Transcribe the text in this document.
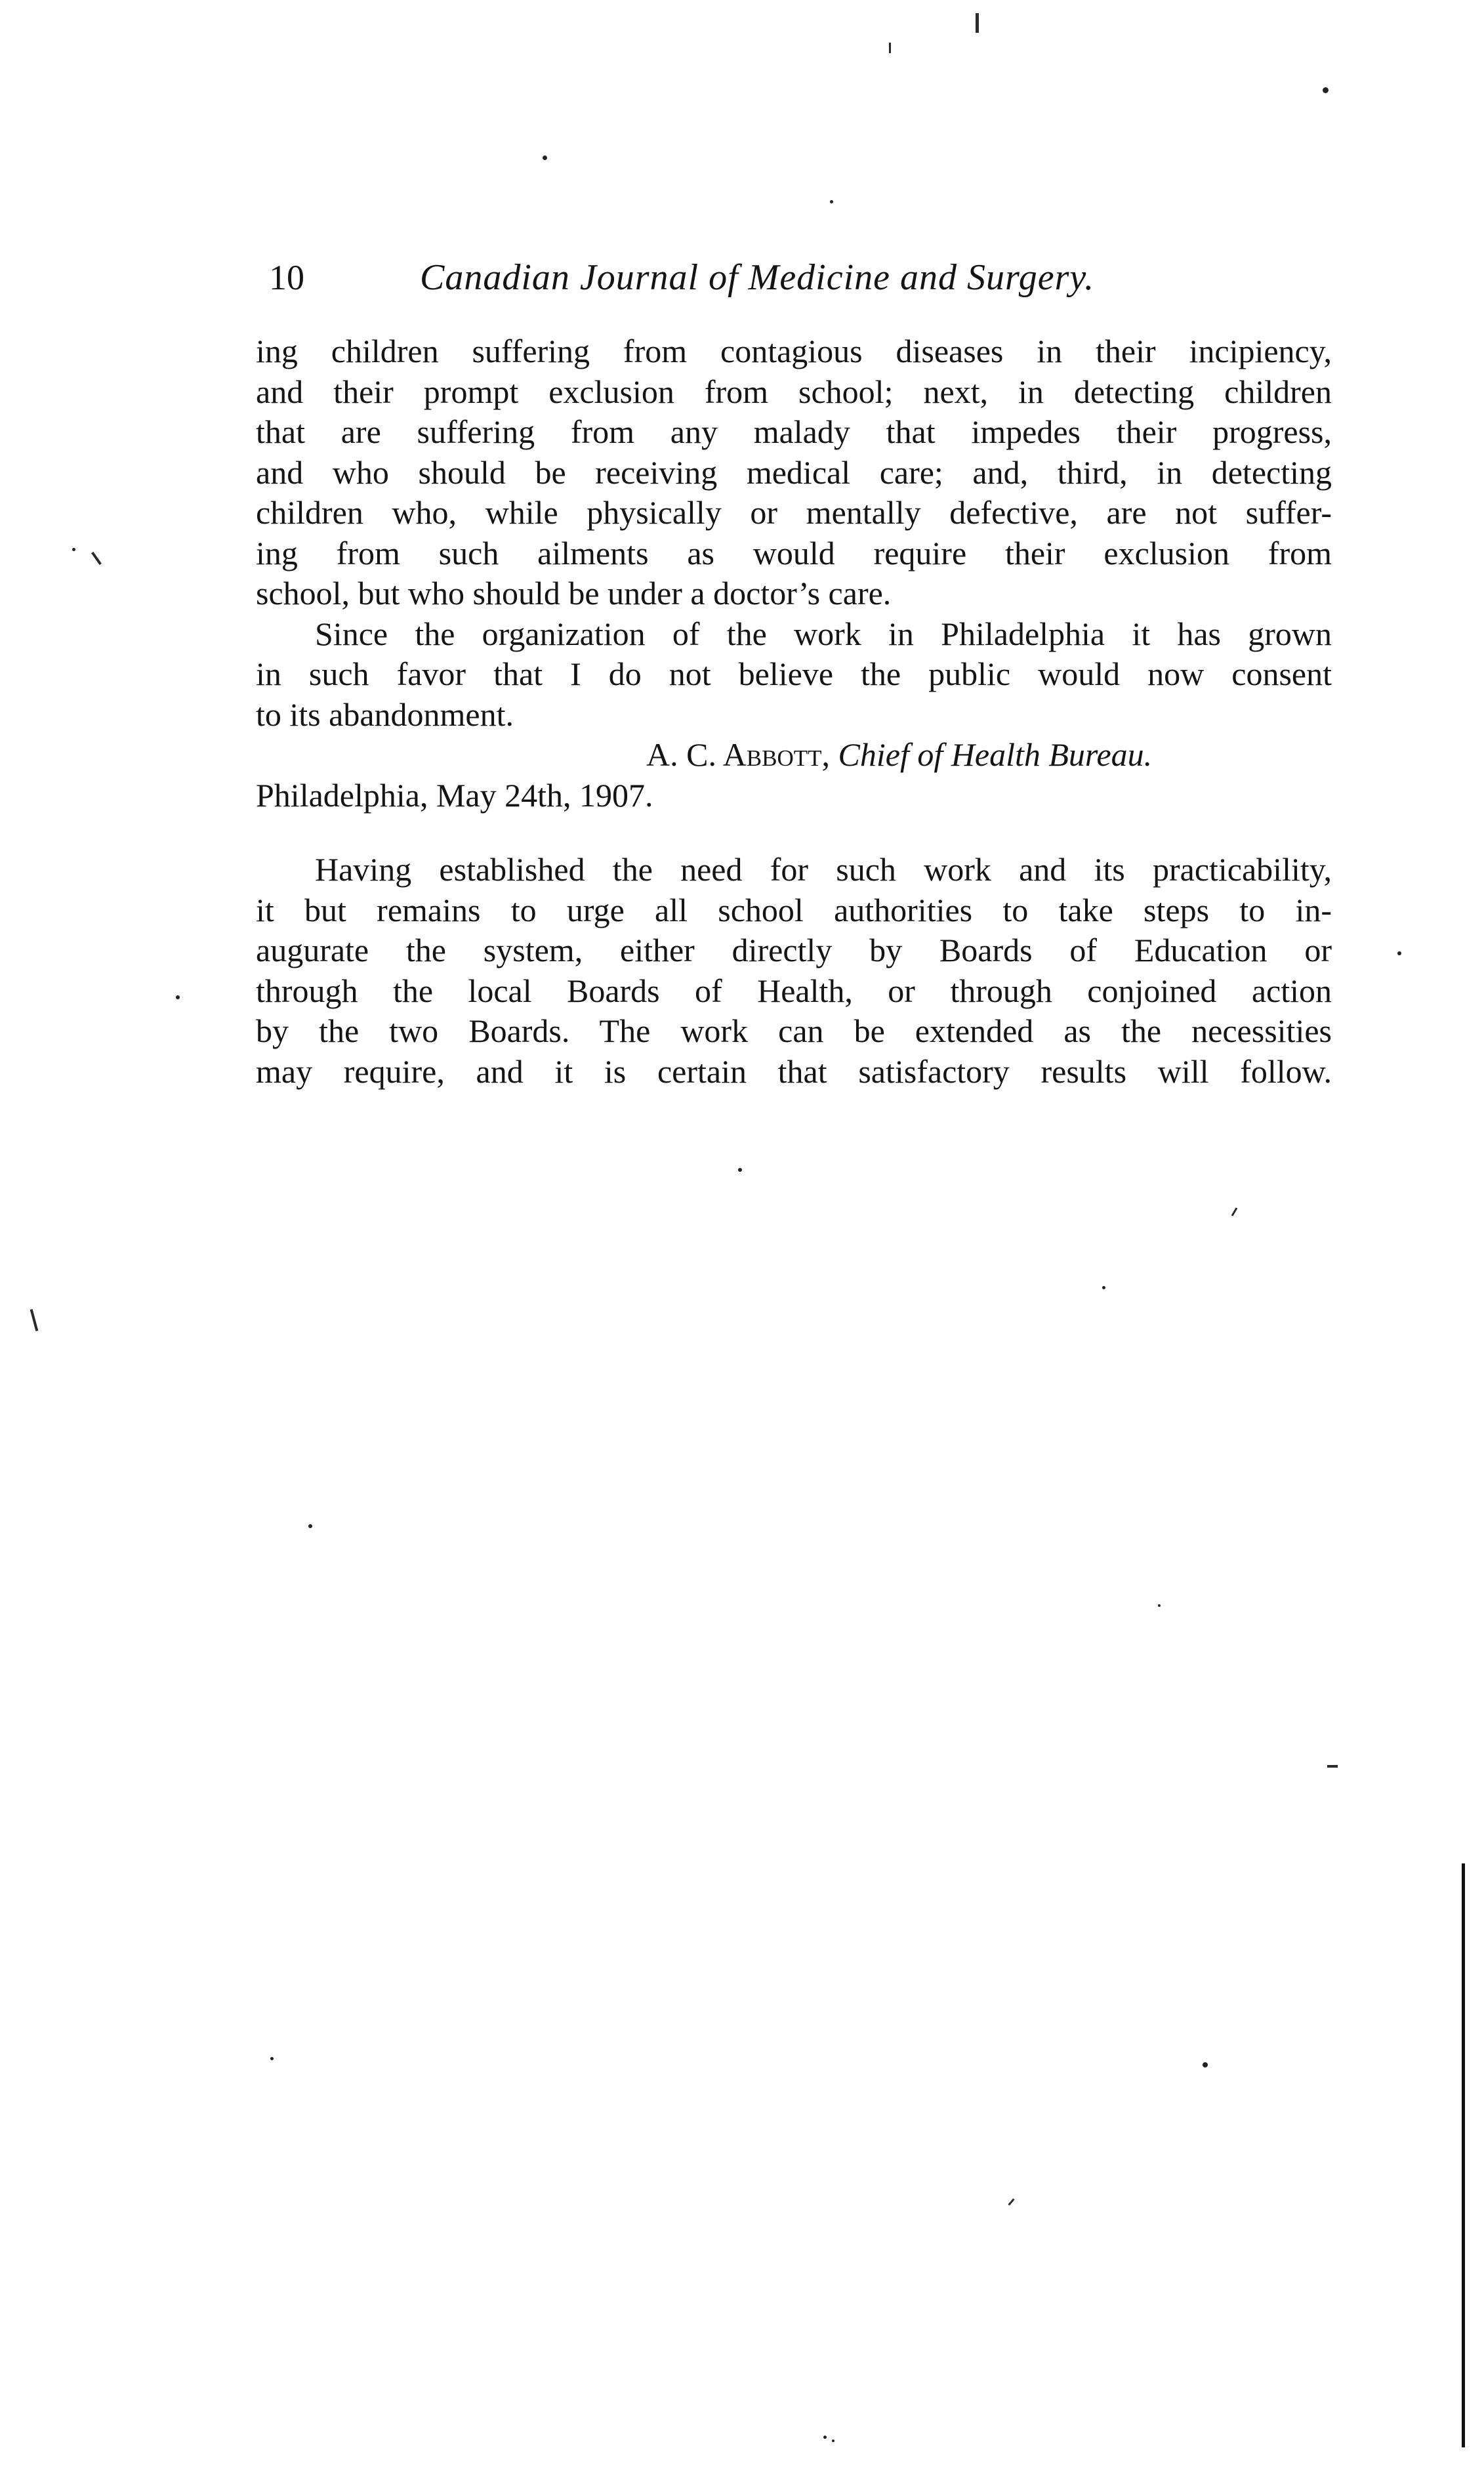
10	Canadian Journal of Medicine and Surgery.
ing children suffering from contagious diseases in their incipiency,
and their prompt exclusion from school; next, in detecting children
that are suffering from any malady that impedes their progress,
and who should be receiving medical care; and, third, in detecting
children who, while physically or mentally defective, are not suffer-
ing from such ailments as would require their exclusion from
school, but who should be under a doctor’s care.
Since the organization of the work in Philadelphia it has grown
in such favor that I do not believe the public would now consent
to its abandonment.
A. C. Abbott, Chief of Health Bureau.
Philadelphia, May 24th, 1907.
Having established the need for such work and its practicability,
it but remains to urge all school authorities to take steps to in-
augurate the system, either directly by Boards of Education or
through the local Boards of Health, or through conjoined action
by the two Boards. The work can be extended as the necessities
may require, and it is certain that satisfactory results will follow.
